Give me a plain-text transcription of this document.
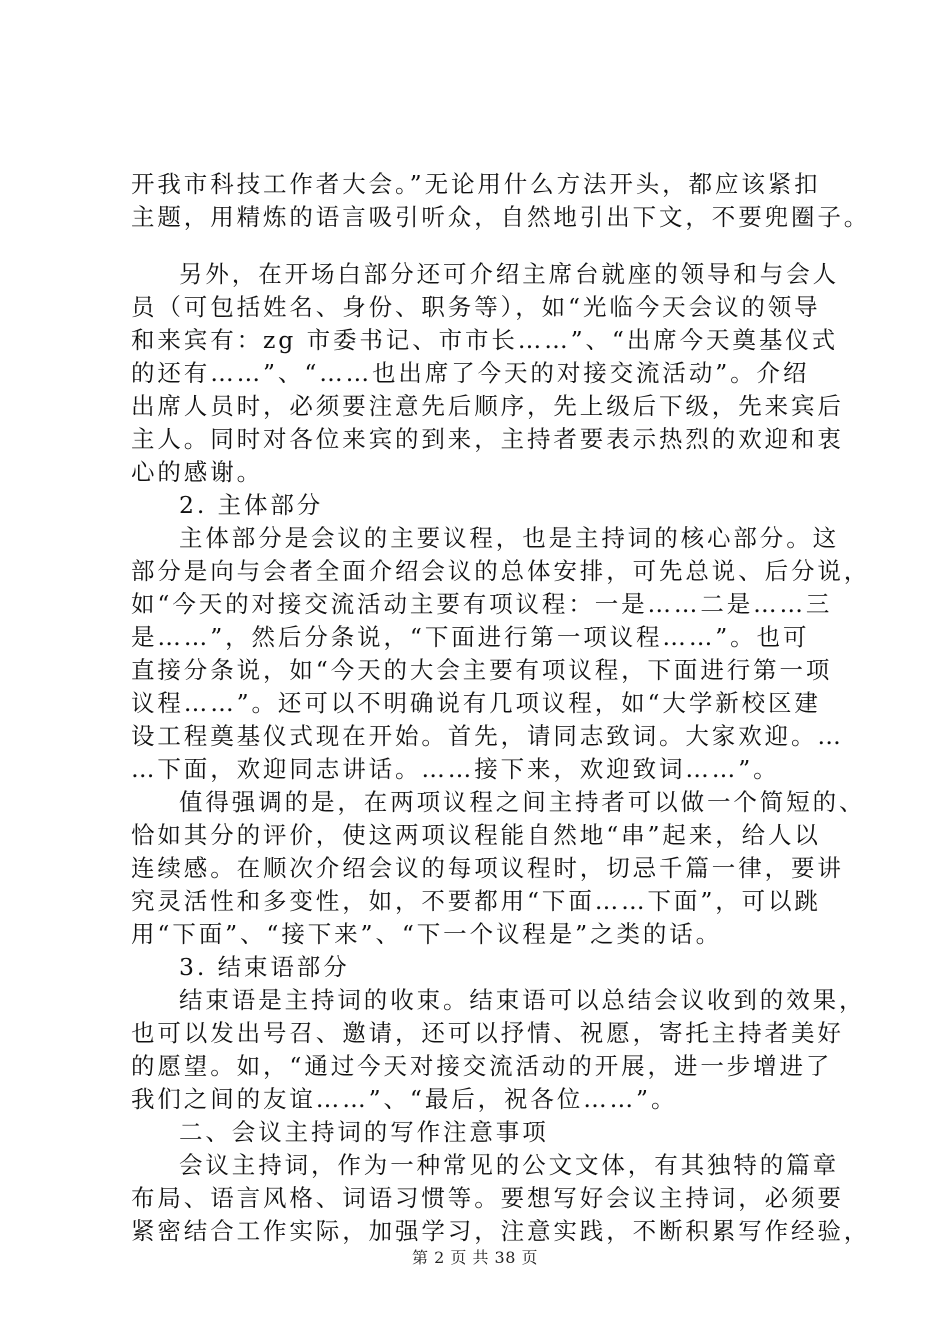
开我市科技工作者大会。”无论用什么方法开头，都应该紧扣
主题，用精炼的语言吸引听众，自然地引出下文，不要兜圈子。
另外，在开场白部分还可介绍主席台就座的领导和与会人
员（可包括姓名、身份、职务等），如“光临今天会议的领导
和来宾有：zg 市委书记、市市长……”、“出席今天奠基仪式
的还有……”、“……也出席了今天的对接交流活动”。介绍
出席人员时，必须要注意先后顺序，先上级后下级，先来宾后
主人。同时对各位来宾的到来，主持者要表示热烈的欢迎和衷
心的感谢。
2. 主体部分
主体部分是会议的主要议程，也是主持词的核心部分。这
部分是向与会者全面介绍会议的总体安排，可先总说、后分说，
如“今天的对接交流活动主要有项议程：一是……二是……三
是……”，然后分条说，“下面进行第一项议程……”。也可
直接分条说，如“今天的大会主要有项议程，下面进行第一项
议程……”。还可以不明确说有几项议程，如“大学新校区建
设工程奠基仪式现在开始。首先，请同志致词。大家欢迎。…
…下面，欢迎同志讲话。……接下来，欢迎致词……”。
值得强调的是，在两项议程之间主持者可以做一个简短的、
恰如其分的评价，使这两项议程能自然地“串”起来，给人以
连续感。在顺次介绍会议的每项议程时，切忌千篇一律，要讲
究灵活性和多变性，如，不要都用“下面……下面”，可以跳
用“下面”、“接下来”、“下一个议程是”之类的话。
3. 结束语部分
结束语是主持词的收束。结束语可以总结会议收到的效果，
也可以发出号召、邀请，还可以抒情、祝愿，寄托主持者美好
的愿望。如，“通过今天对接交流活动的开展，进一步增进了
我们之间的友谊……”、“最后，祝各位……”。
二、会议主持词的写作注意事项
会议主持词，作为一种常见的公文文体，有其独特的篇章
布局、语言风格、词语习惯等。要想写好会议主持词，必须要
紧密结合工作实际，加强学习，注意实践，不断积累写作经验，
第 2 页 共 38 页
